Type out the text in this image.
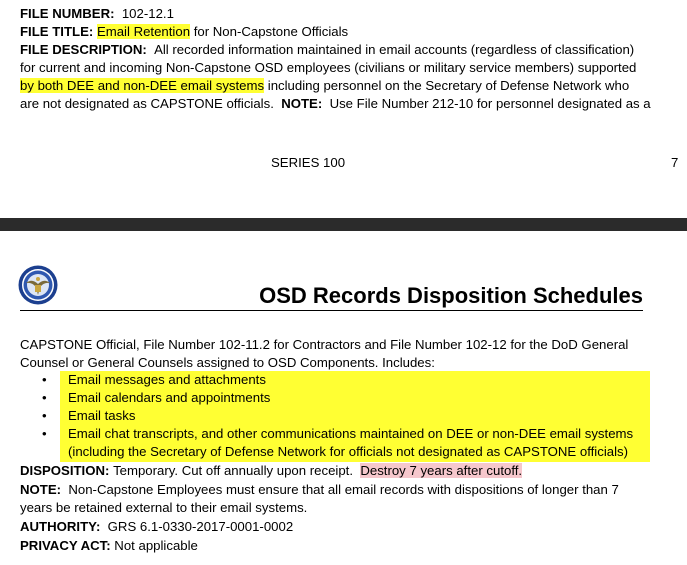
FILE NUMBER: 102-12.1
FILE TITLE: Email Retention for Non-Capstone Officials
FILE DESCRIPTION: All recorded information maintained in email accounts (regardless of classification)
for current and incoming Non-Capstone OSD employees (civilians or military service members) supported
by both DEE and non-DEE email systems including personnel on the Secretary of Defense Network who
are not designated as CAPSTONE officials. NOTE: Use File Number 212-10 for personnel designated as a
SERIES 100	7
OSD Records Disposition Schedules
CAPSTONE Official, File Number 102-11.2 for Contractors and File Number 102-12 for the DoD General
Counsel or General Counsels assigned to OSD Components. Includes:
• Email messages and attachments
• Email calendars and appointments
• Email tasks
• Email chat transcripts, and other communications maintained on DEE or non-DEE email systems
(including the Secretary of Defense Network for officials not designated as CAPSTONE officials)
DISPOSITION: Temporary. Cut off annually upon receipt. Destroy 7 years after cutoff.
NOTE: Non-Capstone Employees must ensure that all email records with dispositions of longer than 7
years be retained external to their email systems.
AUTHORITY: GRS 6.1-0330-2017-0001-0002
PRIVACY ACT: Not applicable
